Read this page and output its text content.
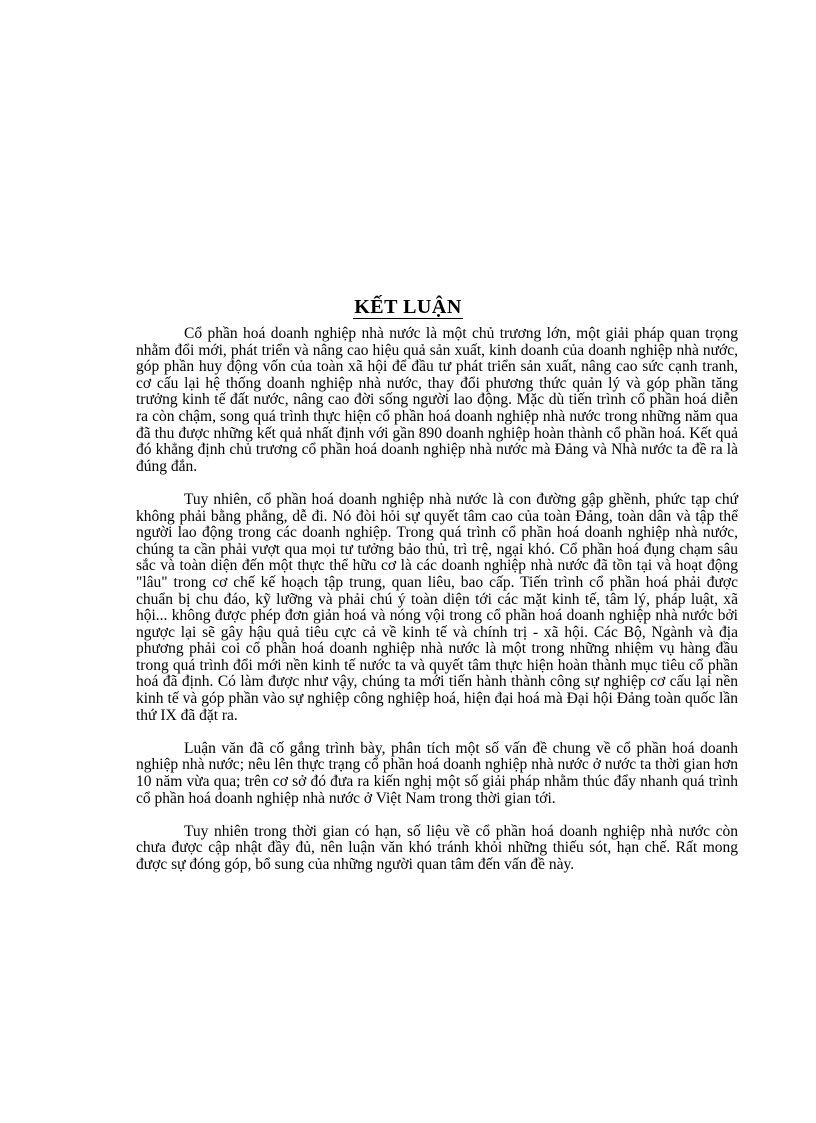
KẾT LUẬN

Cổ phần hoá doanh nghiệp nhà nước là một chủ trương lớn, một giải pháp quan trọng nhằm đổi mới, phát triển và nâng cao hiệu quả sản xuất, kinh doanh của doanh nghiệp nhà nước, góp phần huy động vốn của toàn xã hội để đầu tư phát triển sản xuất, nâng cao sức cạnh tranh, cơ cấu lại hệ thống doanh nghiệp nhà nước, thay đổi phương thức quản lý và góp phần tăng trưởng kinh tế đất nước, nâng cao đời sống người lao động. Mặc dù tiến trình cổ phần hoá diễn ra còn chậm, song quá trình thực hiện cổ phần hoá doanh nghiệp nhà nước trong những năm qua đã thu được những kết quả nhất định với gần 890 doanh nghiệp hoàn thành cổ phần hoá. Kết quả đó khẳng định chủ trương cổ phần hoá doanh nghiệp nhà nước mà Đảng và Nhà nước ta đề ra là đúng đắn.

Tuy nhiên, cổ phần hoá doanh nghiệp nhà nước là con đường gập ghềnh, phức tạp chứ không phải bằng phẳng, dễ đi. Nó đòi hỏi sự quyết tâm cao của toàn Đảng, toàn dân và tập thể người lao động trong các doanh nghiệp. Trong quá trình cổ phần hoá doanh nghiệp nhà nước, chúng ta cần phải vượt qua mọi tư tưởng bảo thủ, trì trệ, ngại khó. Cổ phần hoá đụng chạm sâu sắc và toàn diện đến một thực thể hữu cơ là các doanh nghiệp nhà nước đã tồn tại và hoạt động "lâu" trong cơ chế kế hoạch tập trung, quan liêu, bao cấp. Tiến trình cổ phần hoá phải được chuẩn bị chu đáo, kỹ lưỡng và phải chú ý toàn diện tới các mặt kinh tế, tâm lý, pháp luật, xã hội... không được phép đơn giản hoá và nóng vội trong cổ phần hoá doanh nghiệp nhà nước bởi ngược lại sẽ gây hậu quả tiêu cực cả về kinh tế và chính trị - xã hội. Các Bộ, Ngành và địa phương phải coi cổ phần hoá doanh nghiệp nhà nước là một trong những nhiệm vụ hàng đầu trong quá trình đổi mới nền kinh tế nước ta và quyết tâm thực hiện hoàn thành mục tiêu cổ phần hoá đã định. Có làm được như vậy, chúng ta mới tiến hành thành công sự nghiệp cơ cấu lại nền kinh tế và góp phần vào sự nghiệp công nghiệp hoá, hiện đại hoá mà Đại hội Đảng toàn quốc lần thứ IX đã đặt ra.

Luận văn đã cố gắng trình bày, phân tích một số vấn đề chung về cổ phần hoá doanh nghiệp nhà nước; nêu lên thực trạng cổ phần hoá doanh nghiệp nhà nước ở nước ta thời gian hơn 10 năm vừa qua; trên cơ sở đó đưa ra kiến nghị một số giải pháp nhằm thúc đẩy nhanh quá trình cổ phần hoá doanh nghiệp nhà nước ở Việt Nam trong thời gian tới.

Tuy nhiên trong thời gian có hạn, số liệu về cổ phần hoá doanh nghiệp nhà nước còn chưa được cập nhật đầy đủ, nên luận văn khó tránh khỏi những thiếu sót, hạn chế. Rất mong được sự đóng góp, bổ sung của những người quan tâm đến vấn đề này.
